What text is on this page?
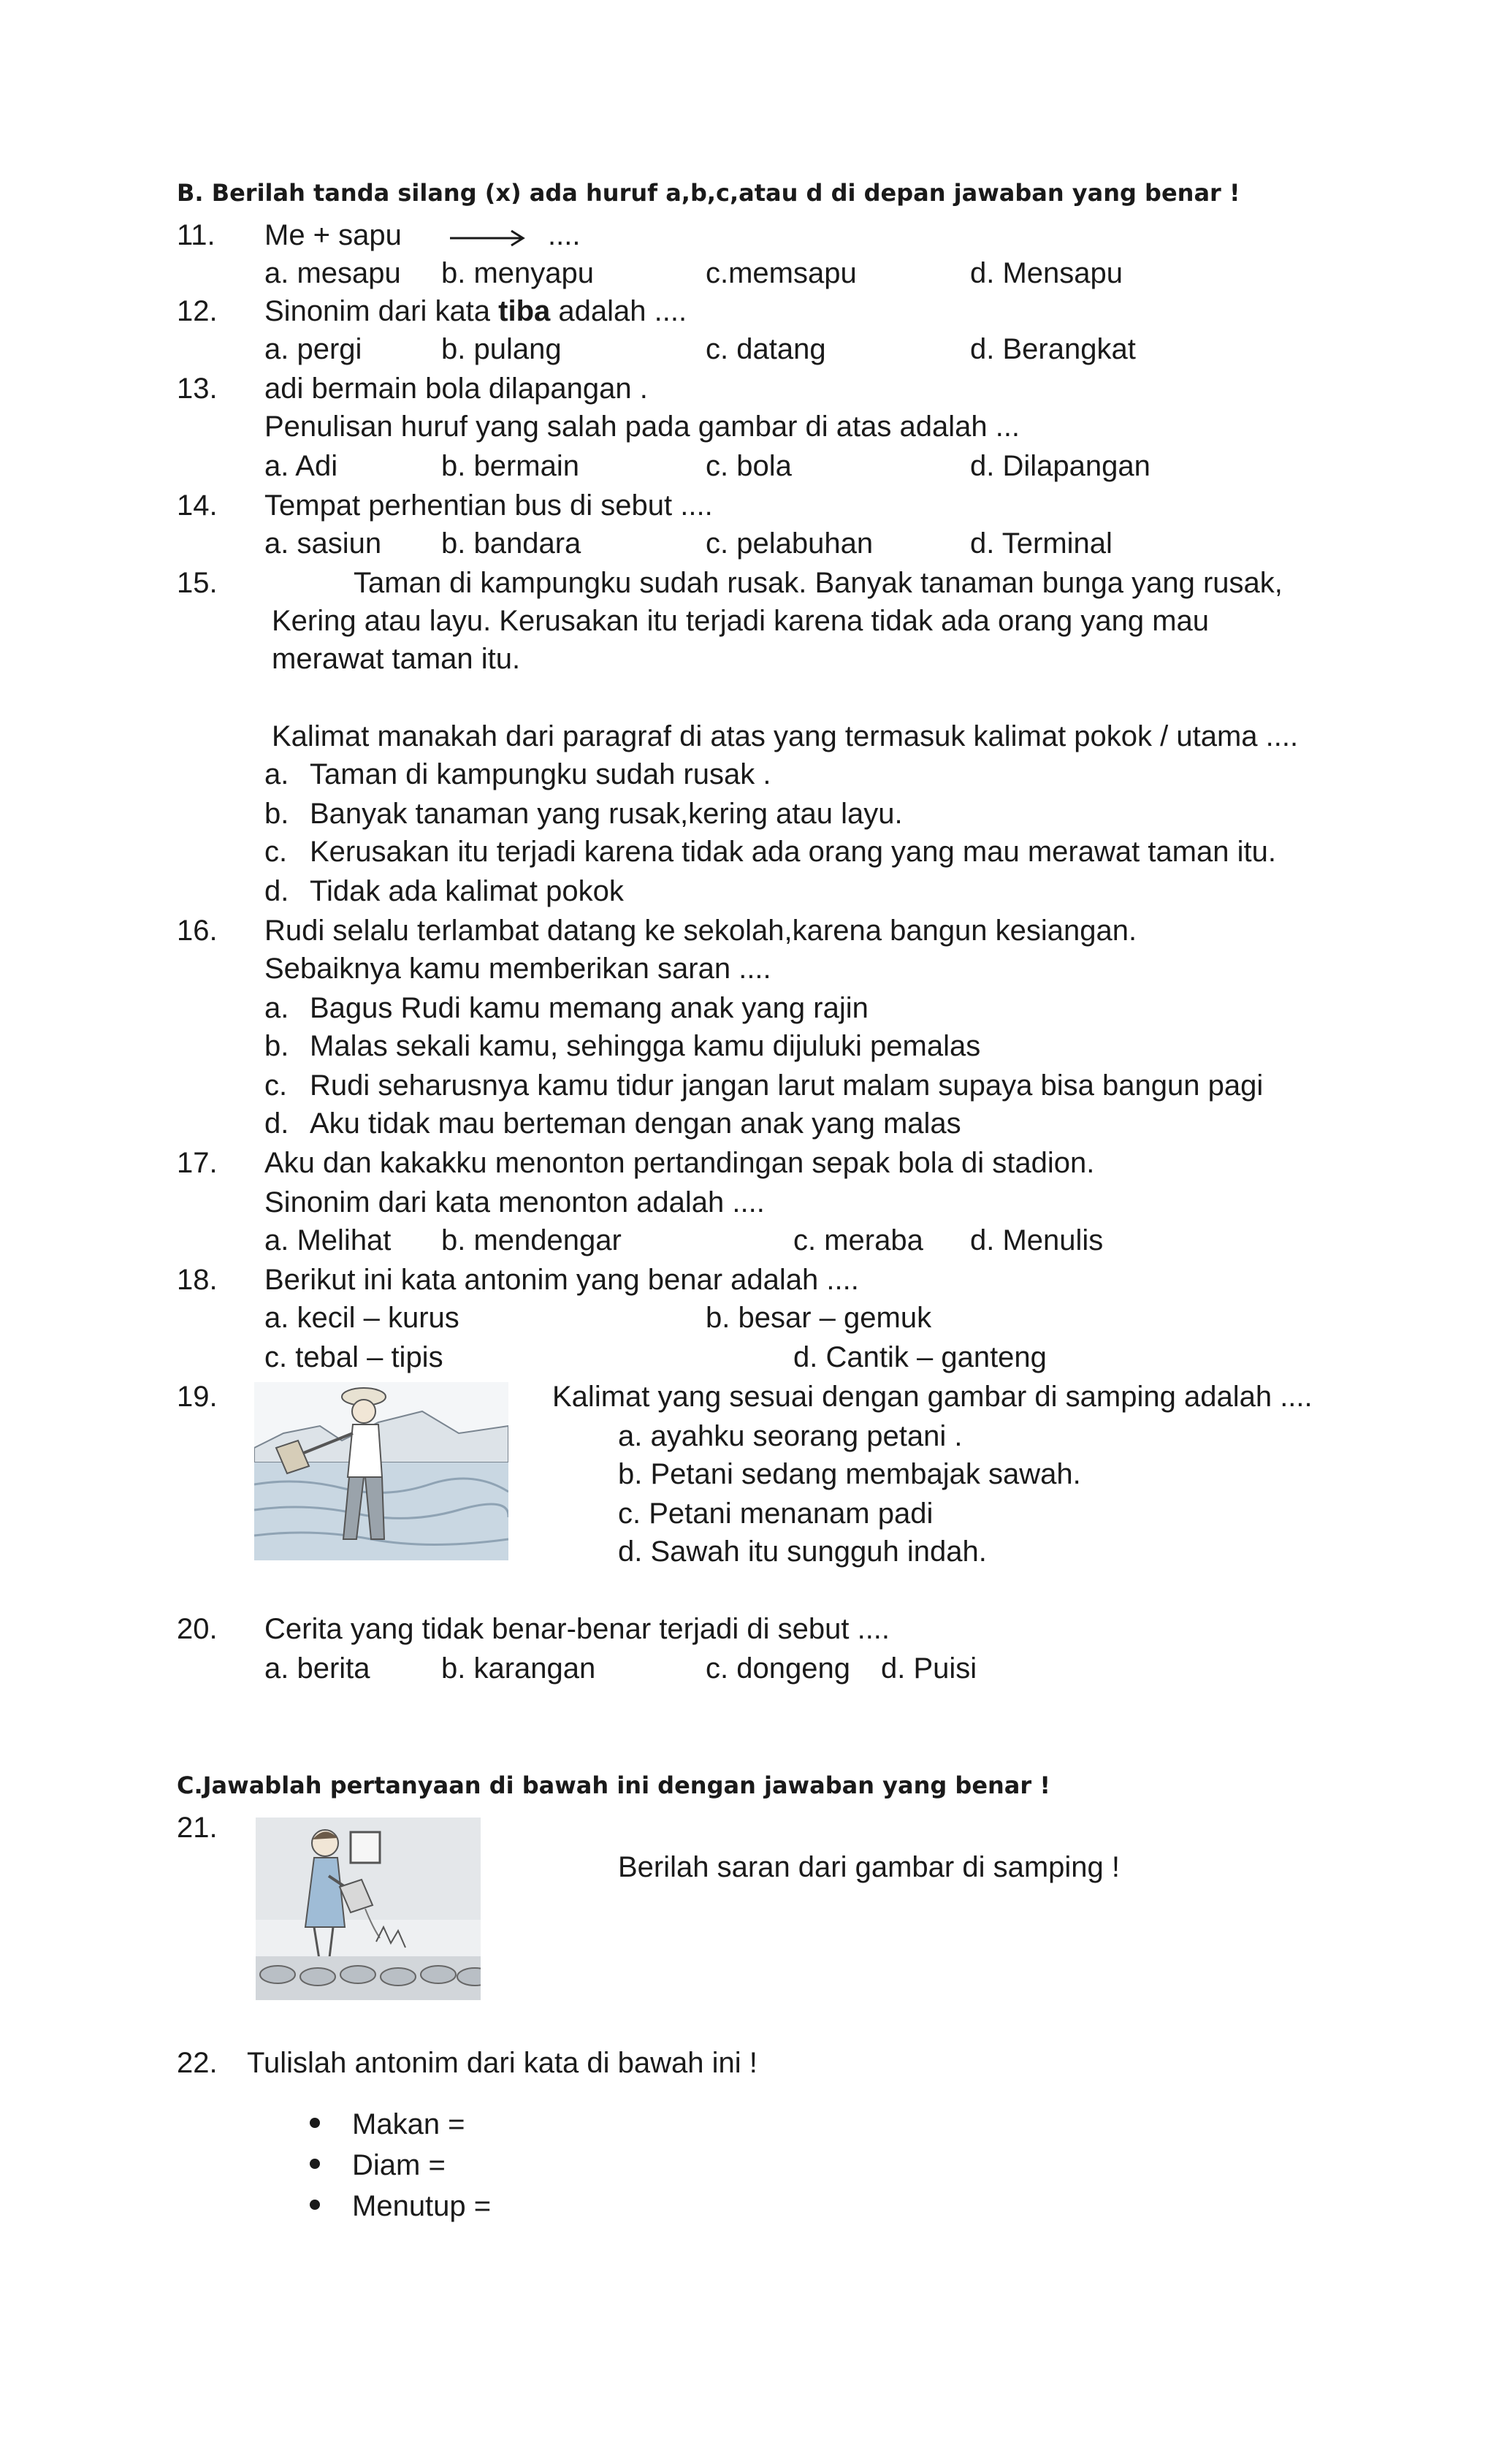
B. Berilah tanda silang (x) ada huruf a,b,c,atau d di depan jawaban yang benar !
11. Me + sapu	....
a. mesapu b. menyapu	c.memsapu	d. Mensapu
12. Sinonim dari kata tiba adalah ....
a. pergi	b. pulang	c. datang	d. Berangkat
13. adi bermain bola dilapangan .
Penulisan huruf yang salah pada gambar di atas adalah ...
a. Adi	b. bermain	c. bola	d. Dilapangan
14. Tempat perhentian bus di sebut ....
a. sasiun b. bandara	c. pelabuhan	d. Terminal
15.	Taman di kampungku sudah rusak. Banyak tanaman bunga yang rusak,
Kering atau layu. Kerusakan itu terjadi karena tidak ada orang yang mau
merawat taman itu.
Kalimat manakah dari paragraf di atas yang termasuk kalimat pokok / utama ....
a. Taman di kampungku sudah rusak .
b. Banyak tanaman yang rusak,kering atau layu.
c. Kerusakan itu terjadi karena tidak ada orang yang mau merawat taman itu.
d. Tidak ada kalimat pokok
16. Rudi selalu terlambat datang ke sekolah,karena bangun kesiangan.
Sebaiknya kamu memberikan saran ....
a. Bagus Rudi kamu memang anak yang rajin
b. Malas sekali kamu, sehingga kamu dijuluki pemalas
c. Rudi seharusnya kamu tidur jangan larut malam supaya bisa bangun pagi
d. Aku tidak mau berteman dengan anak yang malas
17. Aku dan kakakku menonton pertandingan sepak bola di stadion.
Sinonim dari kata menonton adalah ....
a. Melihat b. mendengar	c. meraba d. Menulis
18. Berikut ini kata antonim yang benar adalah ....
a. kecil – kurus	b. besar – gemuk
c. tebal – tipis	d. Cantik – ganteng
19.	Kalimat yang sesuai dengan gambar di samping adalah ....
a. ayahku seorang petani .
b. Petani sedang membajak sawah.
c. Petani menanam padi
d. Sawah itu sungguh indah.
20. Cerita yang tidak benar-benar terjadi di sebut ....
a. berita b. karangan	c. dongeng d. Puisi
C.Jawablah pertanyaan di bawah ini dengan jawaban yang benar !
21.
Berilah saran dari gambar di samping !
22. Tulislah antonim dari kata di bawah ini !
Makan =
Diam =
Menutup =
